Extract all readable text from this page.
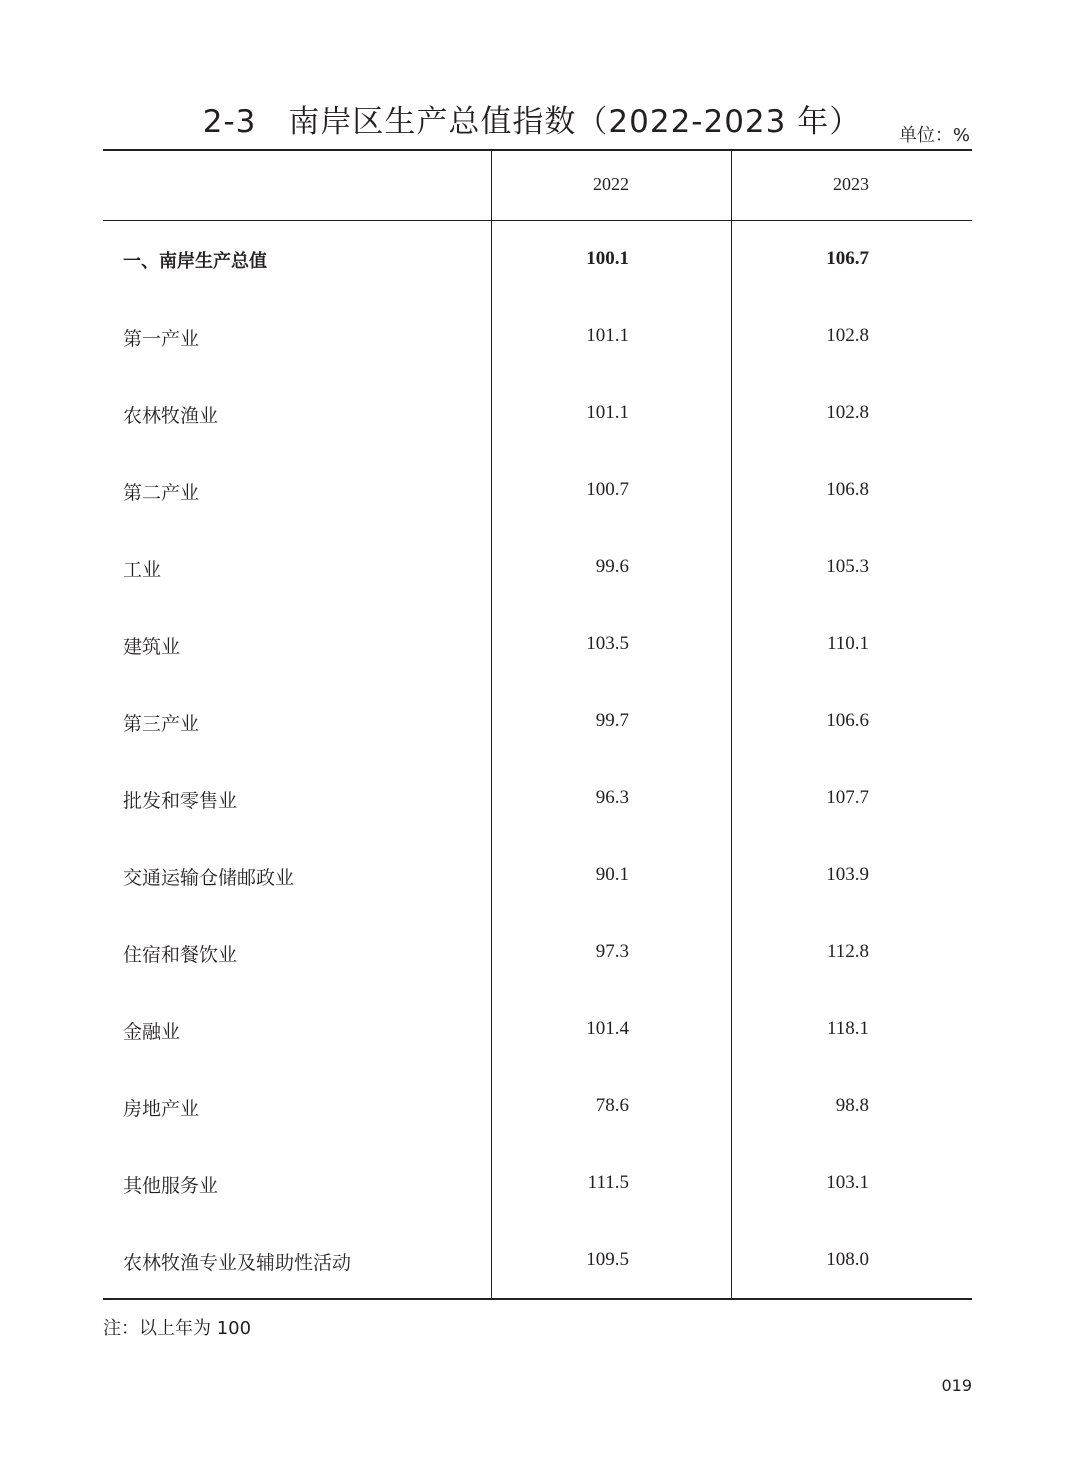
2-3　南岸区生产总值指数（2022-2023 年）	单位：%
2022	2023
一、南岸生产总值	100.1	106.7
第一产业	101.1	102.8
农林牧渔业	101.1	102.8
第二产业	100.7	106.8
工业	99.6	105.3
建筑业	103.5	110.1
第三产业	99.7	106.6
批发和零售业	96.3	107.7
交通运输仓储邮政业	90.1	103.9
住宿和餐饮业	97.3	112.8
金融业	101.4	118.1
房地产业	78.6	98.8
其他服务业	111.5	103.1
农林牧渔专业及辅助性活动	109.5	108.0
注：以上年为 100
019
